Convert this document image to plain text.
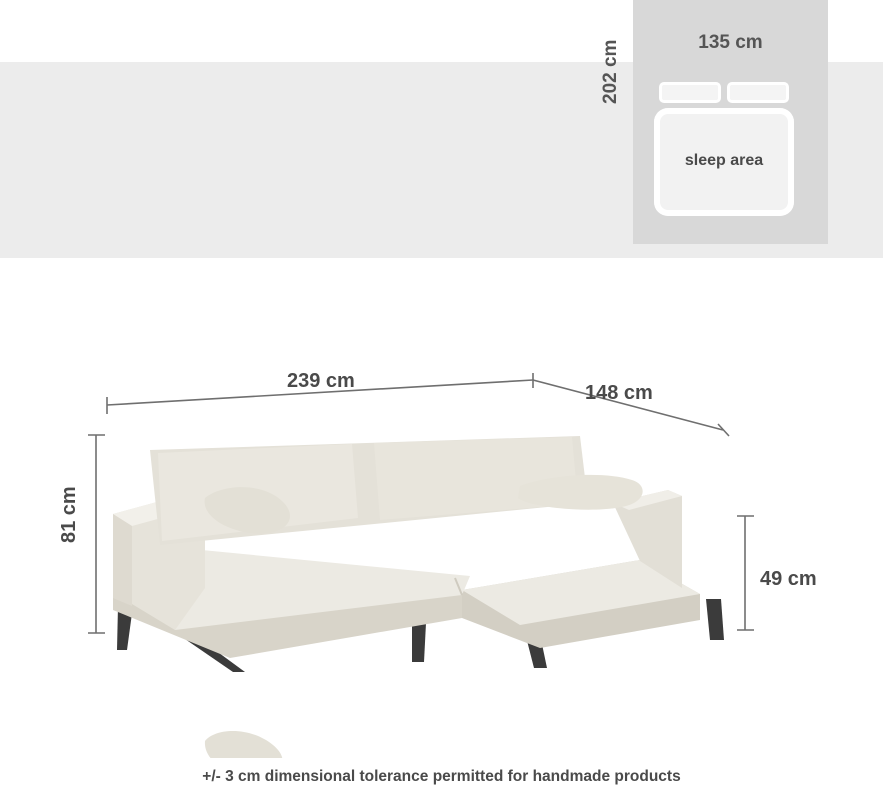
sleep area
135 cm
202 cm
239 cm
148 cm
81 cm
49 cm
+/- 3 cm dimensional tolerance permitted for handmade products
